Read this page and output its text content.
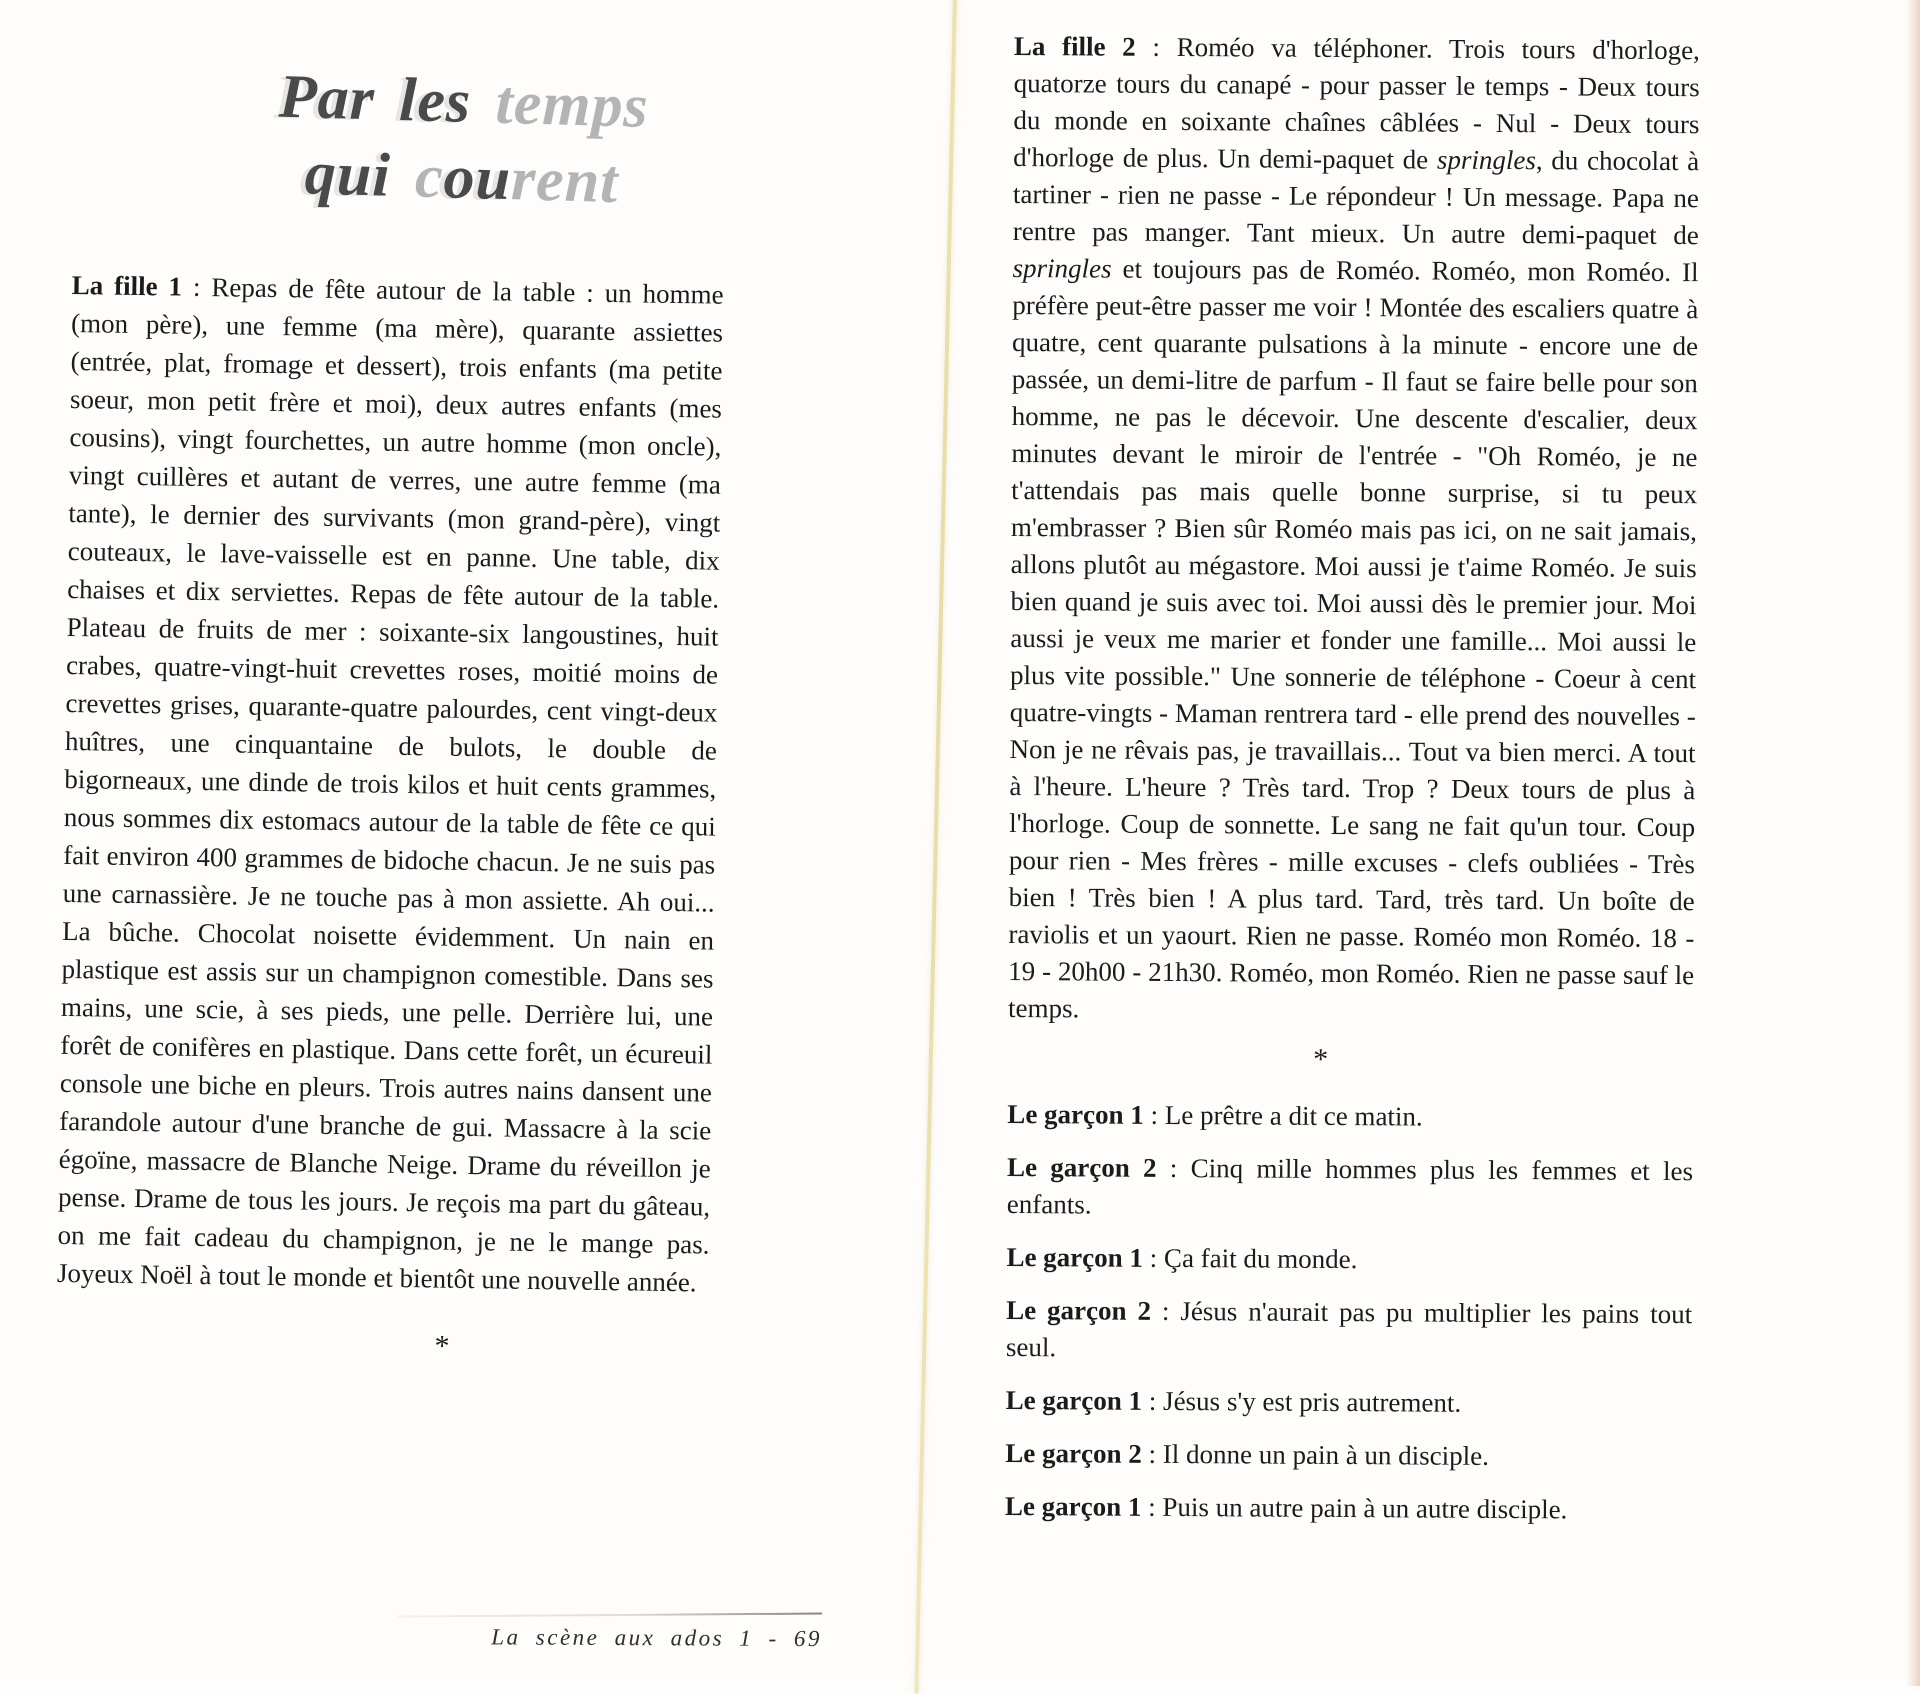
Par les temps
qui courent

La fille 1 : Repas de fête autour de la table : un homme (mon père), une femme (ma mère), quarante assiettes (entrée, plat, fromage et dessert), trois enfants (ma petite soeur, mon petit frère et moi), deux autres enfants (mes cousins), vingt fourchettes, un autre homme (mon oncle), vingt cuillères et autant de verres, une autre femme (ma tante), le dernier des survivants (mon grand-père), vingt couteaux, le lave-vaisselle est en panne. Une table, dix chaises et dix serviettes. Repas de fête autour de la table. Plateau de fruits de mer : soixante-six langoustines, huit crabes, quatre-vingt-huit crevettes roses, moitié moins de crevettes grises, quarante-quatre palourdes, cent vingt-deux huîtres, une cinquantaine de bulots, le double de bigorneaux, une dinde de trois kilos et huit cents grammes, nous sommes dix estomacs autour de la table de fête ce qui fait environ 400 grammes de bidoche chacun. Je ne suis pas une carnassière. Je ne touche pas à mon assiette. Ah oui... La bûche. Chocolat noisette évidemment. Un nain en plastique est assis sur un champignon comestible. Dans ses mains, une scie, à ses pieds, une pelle. Derrière lui, une forêt de conifères en plastique. Dans cette forêt, un écureuil console une biche en pleurs. Trois autres nains dansent une farandole autour d'une branche de gui. Massacre à la scie égoïne, massacre de Blanche Neige. Drame du réveillon je pense. Drame de tous les jours. Je reçois ma part du gâteau, on me fait cadeau du champignon, je ne le mange pas. Joyeux Noël à tout le monde et bientôt une nouvelle année.

*
La scène aux ados 1 - 69

La fille 2 : Roméo va téléphoner. Trois tours d'horloge, quatorze tours du canapé - pour passer le temps - Deux tours du monde en soixante chaînes câblées - Nul - Deux tours d'horloge de plus. Un demi-paquet de springles, du chocolat à tartiner - rien ne passe - Le répondeur ! Un message. Papa ne rentre pas manger. Tant mieux. Un autre demi-paquet de springles et toujours pas de Roméo. Roméo, mon Roméo. Il préfère peut-être passer me voir ! Montée des escaliers quatre à quatre, cent quarante pulsations à la minute - encore une de passée, un demi-litre de parfum - Il faut se faire belle pour son homme, ne pas le décevoir. Une descente d'escalier, deux minutes devant le miroir de l'entrée - "Oh Roméo, je ne t'attendais pas mais quelle bonne surprise, si tu peux m'embrasser ? Bien sûr Roméo mais pas ici, on ne sait jamais, allons plutôt au mégastore. Moi aussi je t'aime Roméo. Je suis bien quand je suis avec toi. Moi aussi dès le premier jour. Moi aussi je veux me marier et fonder une famille... Moi aussi le plus vite possible." Une sonnerie de téléphone - Coeur à cent quatre-vingts - Maman rentrera tard - elle prend des nouvelles - Non je ne rêvais pas, je travaillais... Tout va bien merci. A tout à l'heure. L'heure ? Très tard. Trop ? Deux tours de plus à l'horloge. Coup de sonnette. Le sang ne fait qu'un tour. Coup pour rien - Mes frères - mille excuses - clefs oubliées - Très bien ! Très bien ! A plus tard. Tard, très tard. Un boîte de raviolis et un yaourt. Rien ne passe. Roméo mon Roméo. 18 - 19 - 20h00 - 21h30. Roméo, mon Roméo. Rien ne passe sauf le temps.

*

Le garçon 1 : Le prêtre a dit ce matin.

Le garçon 2 : Cinq mille hommes plus les femmes et les enfants.

Le garçon 1 : Ça fait du monde.

Le garçon 2 : Jésus n'aurait pas pu multiplier les pains tout seul.

Le garçon 1 : Jésus s'y est pris autrement.

Le garçon 2 : Il donne un pain à un disciple.

Le garçon 1 : Puis un autre pain à un autre disciple.
